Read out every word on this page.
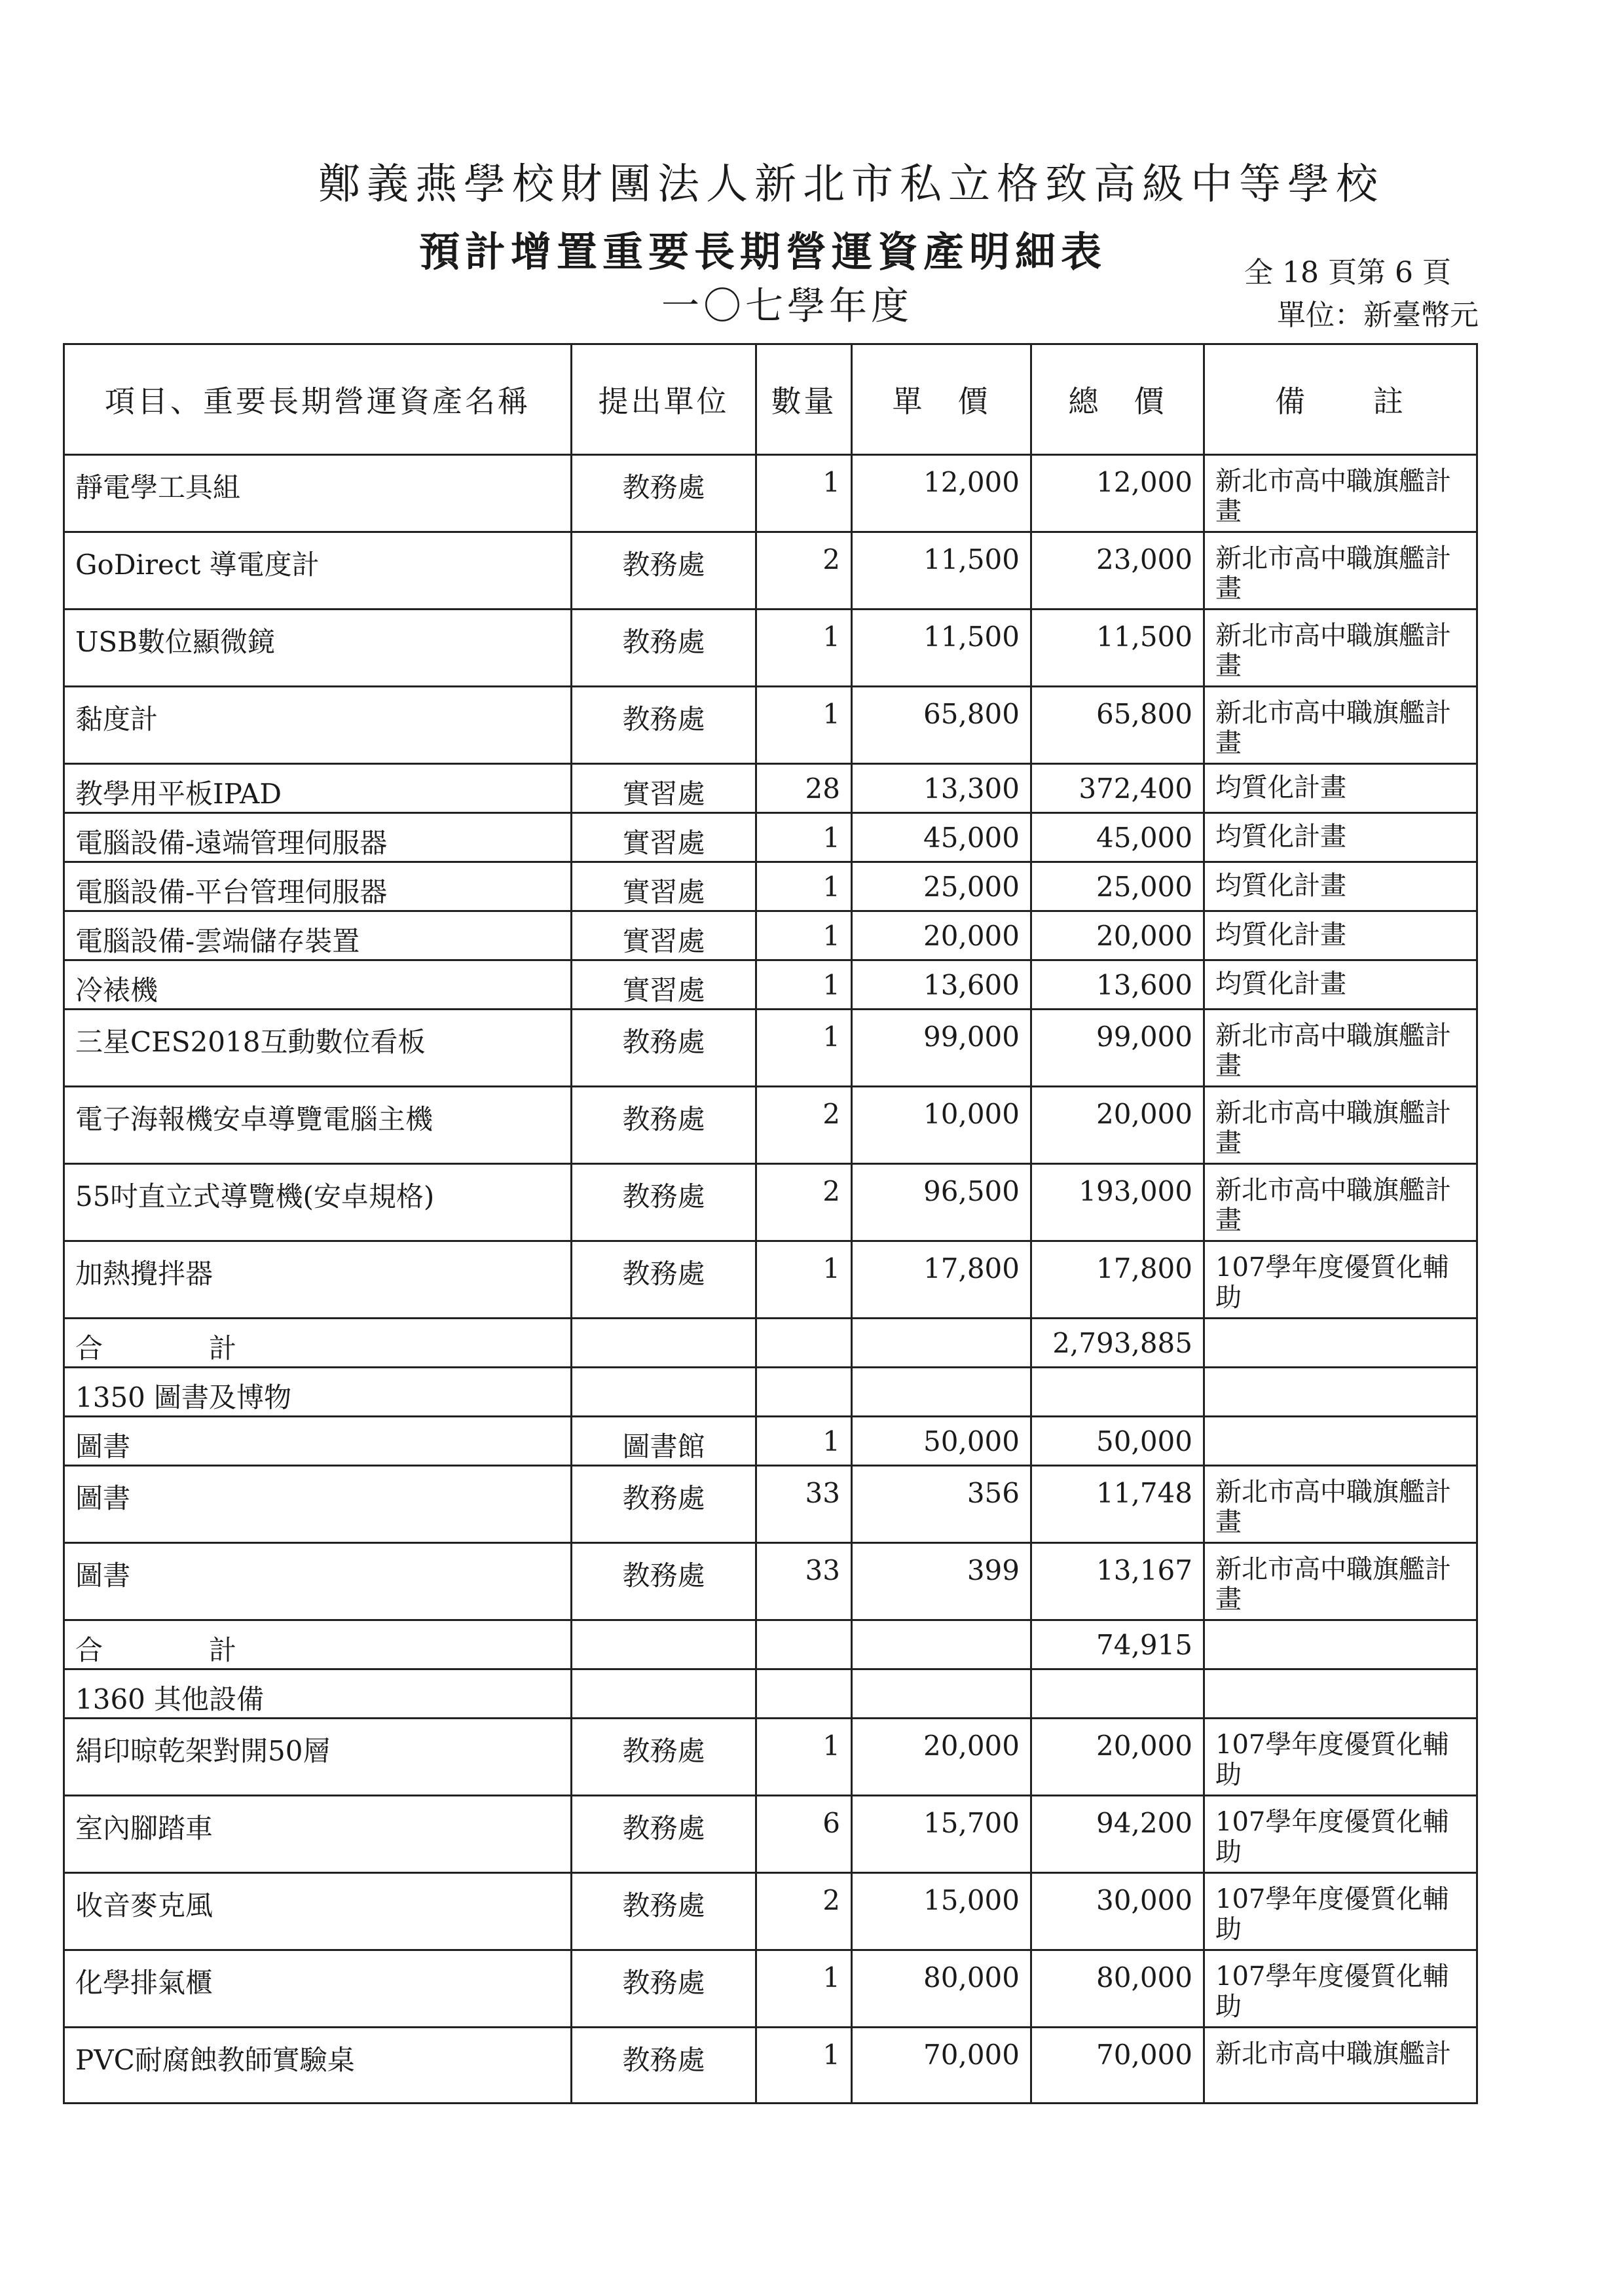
鄭義燕學校財團法人新北市私立格致高級中等學校
預計增置重要長期營運資產明細表
一〇七學年度
全 18 頁第 6 頁
單位：新臺幣元
項目、重要長期營運資產名稱	提出單位	數量	單　價	總　價	備　　註
靜電學工具組	教務處	1	12,000	12,000	新北市高中職旗艦計畫
GoDirect 導電度計	教務處	2	11,500	23,000	新北市高中職旗艦計畫
USB數位顯微鏡	教務處	1	11,500	11,500	新北市高中職旗艦計畫
黏度計	教務處	1	65,800	65,800	新北市高中職旗艦計畫
教學用平板IPAD	實習處	28	13,300	372,400	均質化計畫
電腦設備-遠端管理伺服器	實習處	1	45,000	45,000	均質化計畫
電腦設備-平台管理伺服器	實習處	1	25,000	25,000	均質化計畫
電腦設備-雲端儲存裝置	實習處	1	20,000	20,000	均質化計畫
冷裱機	實習處	1	13,600	13,600	均質化計畫
三星CES2018互動數位看板	教務處	1	99,000	99,000	新北市高中職旗艦計畫
電子海報機安卓導覽電腦主機	教務處	2	10,000	20,000	新北市高中職旗艦計畫
55吋直立式導覽機(安卓規格)	教務處	2	96,500	193,000	新北市高中職旗艦計畫
加熱攪拌器	教務處	1	17,800	17,800	107學年度優質化輔助
合　計				2,793,885	
1350 圖書及博物					
圖書	圖書館	1	50,000	50,000	
圖書	教務處	33	356	11,748	新北市高中職旗艦計畫
圖書	教務處	33	399	13,167	新北市高中職旗艦計畫
合　計				74,915	
1360 其他設備					
絹印晾乾架對開50層	教務處	1	20,000	20,000	107學年度優質化輔助
室內腳踏車	教務處	6	15,700	94,200	107學年度優質化輔助
收音麥克風	教務處	2	15,000	30,000	107學年度優質化輔助
化學排氣櫃	教務處	1	80,000	80,000	107學年度優質化輔助
PVC耐腐蝕教師實驗桌	教務處	1	70,000	70,000	新北市高中職旗艦計
